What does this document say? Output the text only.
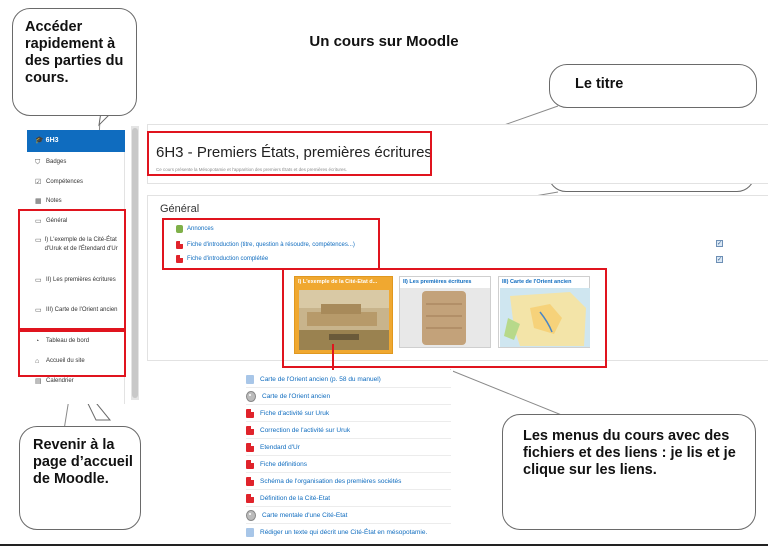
Un cours sur Moodle
Accéder rapidement à des parties du cours.	Le titre
Revenir à la page d’accueil de Moodle.
Les menus du cours avec des fichiers et des liens : je lis et je clique sur les liens.
🎓 6H3
⛉ Badges
☑ Compétences
▦ Notes
▭ Général
▭ I) L'exemple de la Cité-État d'Uruk et de l'Étendard d'Ur
▭ II) Les premières écritures
▭ III) Carte de l'Orient ancien
◔	Tableau de bord
⌂	Accueil du site
▤ Calendrier
6H3 - Premiers États, premières écritures
Ce cours présente la Mésopotamie et l'apparition des premiers États et des premières écritures.
Général
Annonces
Fiche d'introduction (titre, question à résoudre, compétences...)
Fiche d'introduction complétée
✓
✓
I) L'exemple de la Cité-Etat d...	II) Les premières écritures	III) Carte de l'Orient ancien
Carte de l'Orient ancien (p. 58 du manuel)
Carte de l'Orient ancien
Fiche d'activité sur Uruk
Correction de l'activité sur Uruk
Etendard d'Ur
Fiche définitions
Schéma de l'organisation des premières sociétés
Définition de la Cité-Etat
Carte mentale d'une Cité-Etat
Rédiger un texte qui décrit une Cité-État en mésopotamie.
